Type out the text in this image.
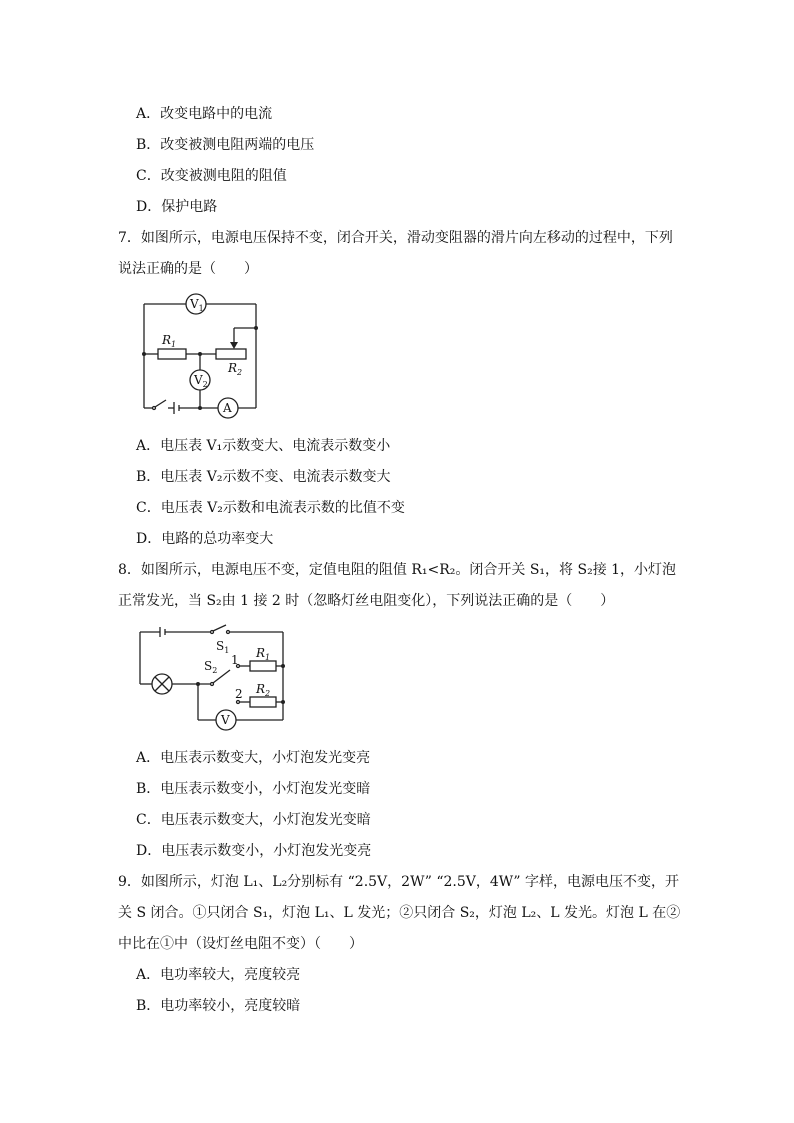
A．改变电路中的电流
B．改变被测电阻两端的电压
C．改变被测电阻的阻值
D．保护电路
7．如图所示，电源电压保持不变，闭合开关，滑动变阻器的滑片向左移动的过程中，下列
说法正确的是（　　）
$V_1$
$R_1$
$R_2$
$V_2$
A
A．电压表 V₁示数变大、电流表示数变小
B．电压表 V₂示数不变、电流表示数变大
C．电压表 V₂示数和电流表示数的比值不变
D．电路的总功率变大
8．如图所示，电源电压不变，定值电阻的阻值 R₁<R₂。闭合开关 S₁，将 S₂接 1，小灯泡
正常发光，当 S₂由 1 接 2 时（忽略灯丝电阻变化），下列说法正确的是（　　）
$S_1$
$S_2$
1 $R_1$
2 $R_2$
V
A．电压表示数变大，小灯泡发光变亮
B．电压表示数变小，小灯泡发光变暗
C．电压表示数变大，小灯泡发光变暗
D．电压表示数变小，小灯泡发光变亮
9．如图所示，灯泡 L₁、L₂分别标有 “2.5V，2W” “2.5V，4W” 字样，电源电压不变，开
关 S 闭合。①只闭合 S₁，灯泡 L₁、L 发光；②只闭合 S₂，灯泡 L₂、L 发光。灯泡 L 在②
中比在①中（设灯丝电阻不变）（　　）
A．电功率较大，亮度较亮
B．电功率较小，亮度较暗
